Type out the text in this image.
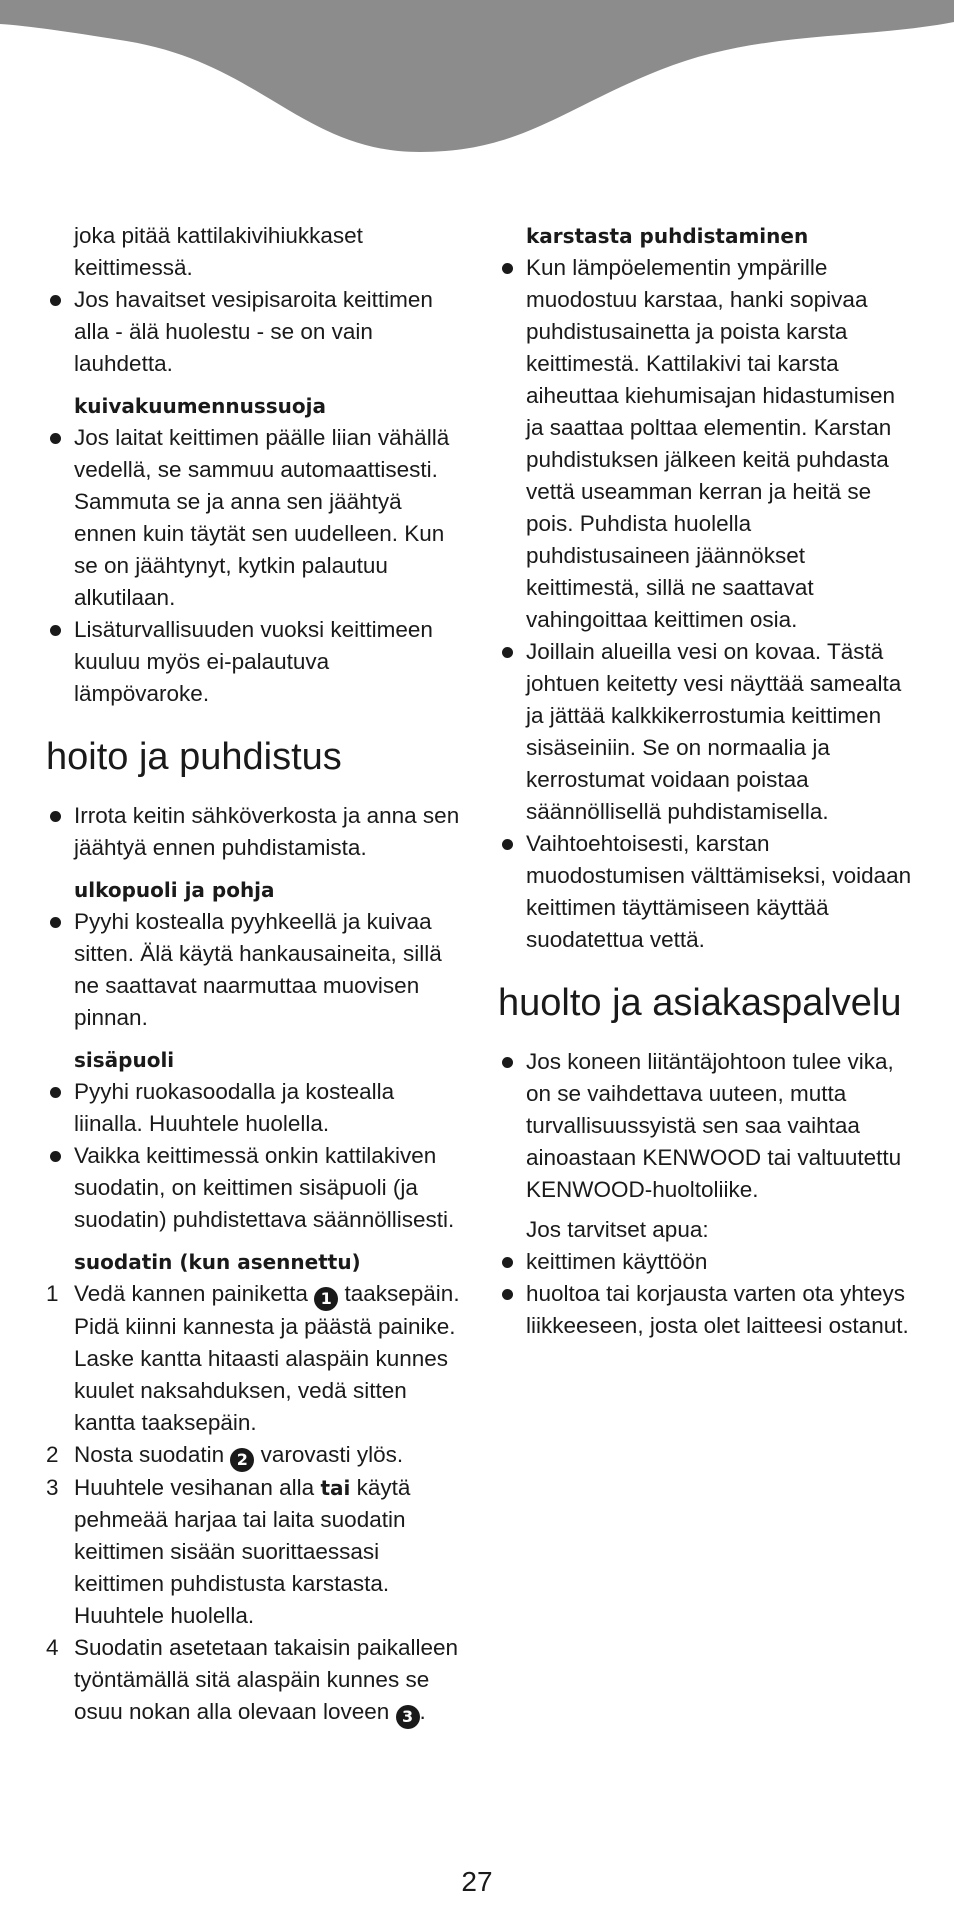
joka pitää kattilakivihiukkaset keittimessä.
Jos havaitset vesipisaroita keittimen alla - älä huolestu - se on vain lauhdetta.
kuivakuumennussuoja
Jos laitat keittimen päälle liian vähällä vedellä, se sammuu automaattisesti. Sammuta se ja anna sen jäähtyä ennen kuin täytät sen uudelleen. Kun se on jäähtynyt, kytkin palautuu alkutilaan.
Lisäturvallisuuden vuoksi keittimeen kuuluu myös ei-palautuva lämpövaroke.
hoito ja puhdistus
Irrota keitin sähköverkosta ja anna sen jäähtyä ennen puhdistamista.
ulkopuoli ja pohja
Pyyhi kostealla pyyhkeellä ja kuivaa sitten. Älä käytä hankausaineita, sillä ne saattavat naarmuttaa muovisen pinnan.
sisäpuoli
Pyyhi ruokasoodalla ja kostealla liinalla. Huuhtele huolella.
Vaikka keittimessä onkin kattilakiven suodatin, on keittimen sisäpuoli (ja suodatin) puhdistettava säännöllisesti.
suodatin (kun asennettu)
1 Vedä kannen painiketta 1 taaksepäin. Pidä kiinni kannesta ja päästä painike. Laske kantta hitaasti alaspäin kunnes kuulet naksahduksen, vedä sitten kantta taaksepäin.
2 Nosta suodatin 2 varovasti ylös.
3 Huuhtele vesihanan alla tai käytä pehmeää harjaa tai laita suodatin keittimen sisään suorittaessasi keittimen puhdistusta karstasta. Huuhtele huolella.
4 Suodatin asetetaan takaisin paikalleen työntämällä sitä alaspäin kunnes se osuu nokan alla olevaan loveen 3 .
karstasta puhdistaminen
Kun lämpöelementin ympärille muodostuu karstaa, hanki sopivaa puhdistusainetta ja poista karsta keittimestä. Kattilakivi tai karsta aiheuttaa kiehumisajan hidastumisen ja saattaa polttaa elementin. Karstan puhdistuksen jälkeen keitä puhdasta vettä useamman kerran ja heitä se pois. Puhdista huolella puhdistusaineen jäännökset keittimestä, sillä ne saattavat vahingoittaa keittimen osia.
Joillain alueilla vesi on kovaa. Tästä johtuen keitetty vesi näyttää samealta ja jättää kalkkikerrostumia keittimen sisäseiniin. Se on normaalia ja kerrostumat voidaan poistaa säännöllisellä puhdistamisella.
Vaihtoehtoisesti, karstan muodostumisen välttämiseksi, voidaan keittimen täyttämiseen käyttää suodatettua vettä.
huolto ja asiakaspalvelu
Jos koneen liitäntäjohtoon tulee vika, on se vaihdettava uuteen, mutta turvallisuussyistä sen saa vaihtaa ainoastaan KENWOOD tai valtuutettu KENWOOD-huoltoliike.
Jos tarvitset apua:
keittimen käyttöön
huoltoa tai korjausta varten ota yhteys liikkeeseen, josta olet laitteesi ostanut.
27
